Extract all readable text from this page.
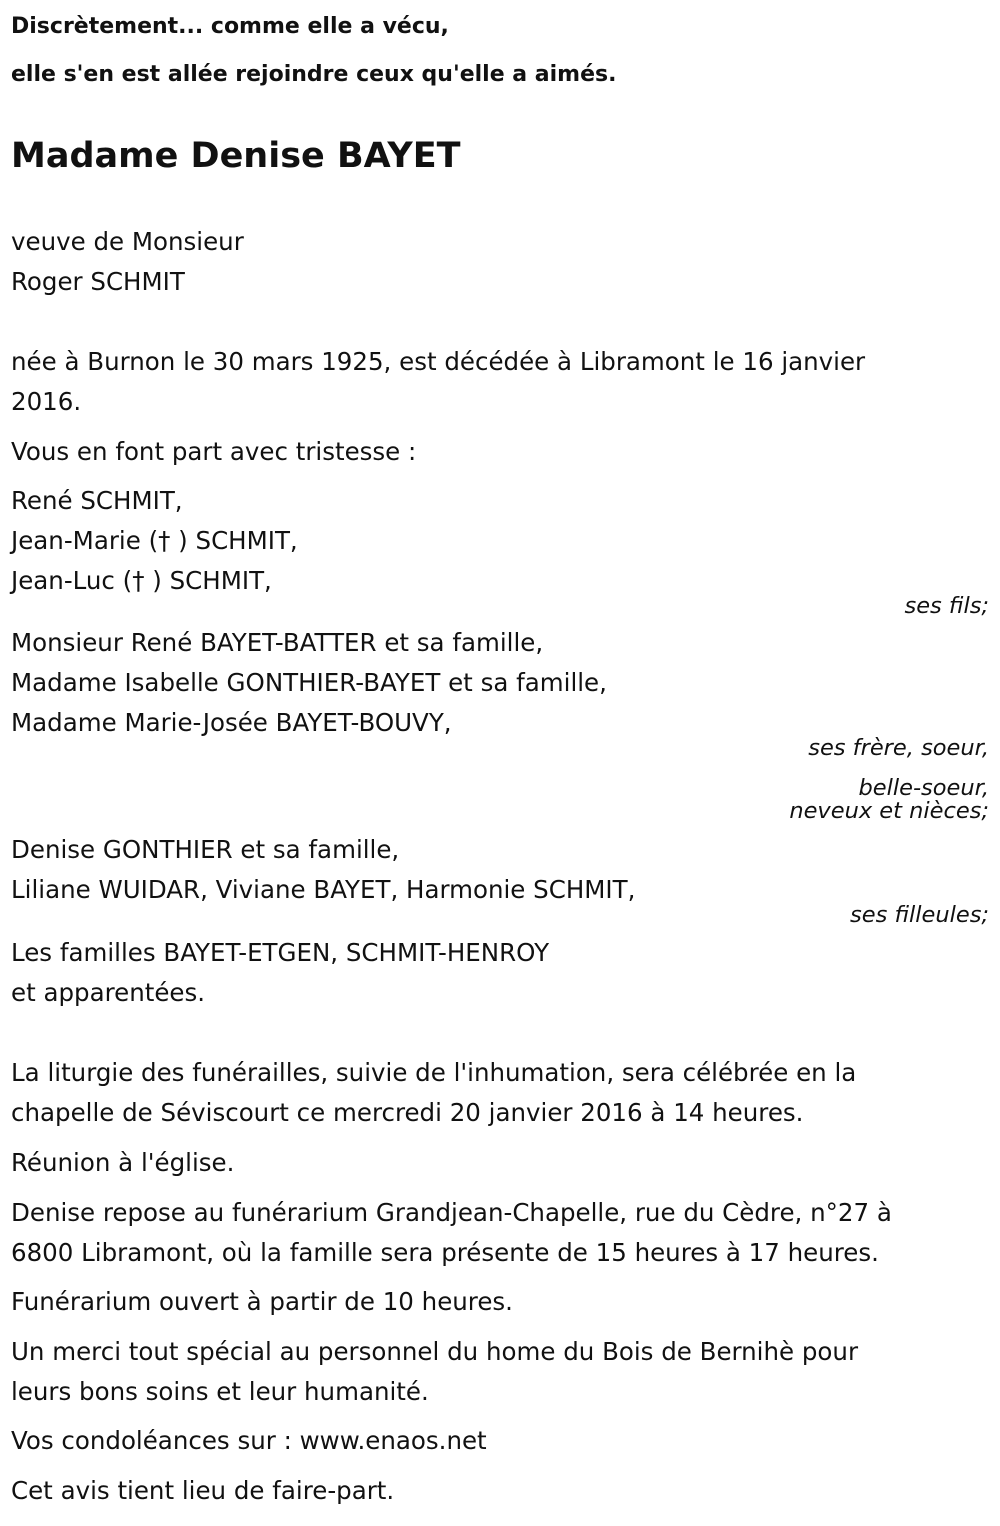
Discrètement... comme elle a vécu,

elle s'en est allée rejoindre ceux qu'elle a aimés.

Madame Denise BAYET
veuve de Monsieur
Roger SCHMIT
née à Burnon le 30 mars 1925, est décédée à Libramont le 16 janvier
2016.

Vous en font part avec tristesse :

René SCHMIT,
Jean-Marie († ) SCHMIT,
Jean-Luc († ) SCHMIT,

ses fils;

Monsieur René BAYET-BATTER et sa famille,
Madame Isabelle GONTHIER-BAYET et sa famille,
Madame Marie-Josée BAYET-BOUVY,

ses frère, soeur,

belle-soeur,

neveux et nièces;

Denise GONTHIER et sa famille,
Liliane WUIDAR, Viviane BAYET, Harmonie SCHMIT,

ses filleules;

Les familles BAYET-ETGEN, SCHMIT-HENROY
et apparentées.
La liturgie des funérailles, suivie de l'inhumation, sera célébrée en la
chapelle de Séviscourt ce mercredi 20 janvier 2016 à 14 heures.

Réunion à l'église.

Denise repose au funérarium Grandjean-Chapelle, rue du Cèdre, n°27 à
6800 Libramont, où la famille sera présente de 15 heures à 17 heures.

Funérarium ouvert à partir de 10 heures.

Un merci tout spécial au personnel du home du Bois de Bernihè pour
leurs bons soins et leur humanité.

Vos condoléances sur : www.enaos.net

Cet avis tient lieu de faire-part.
